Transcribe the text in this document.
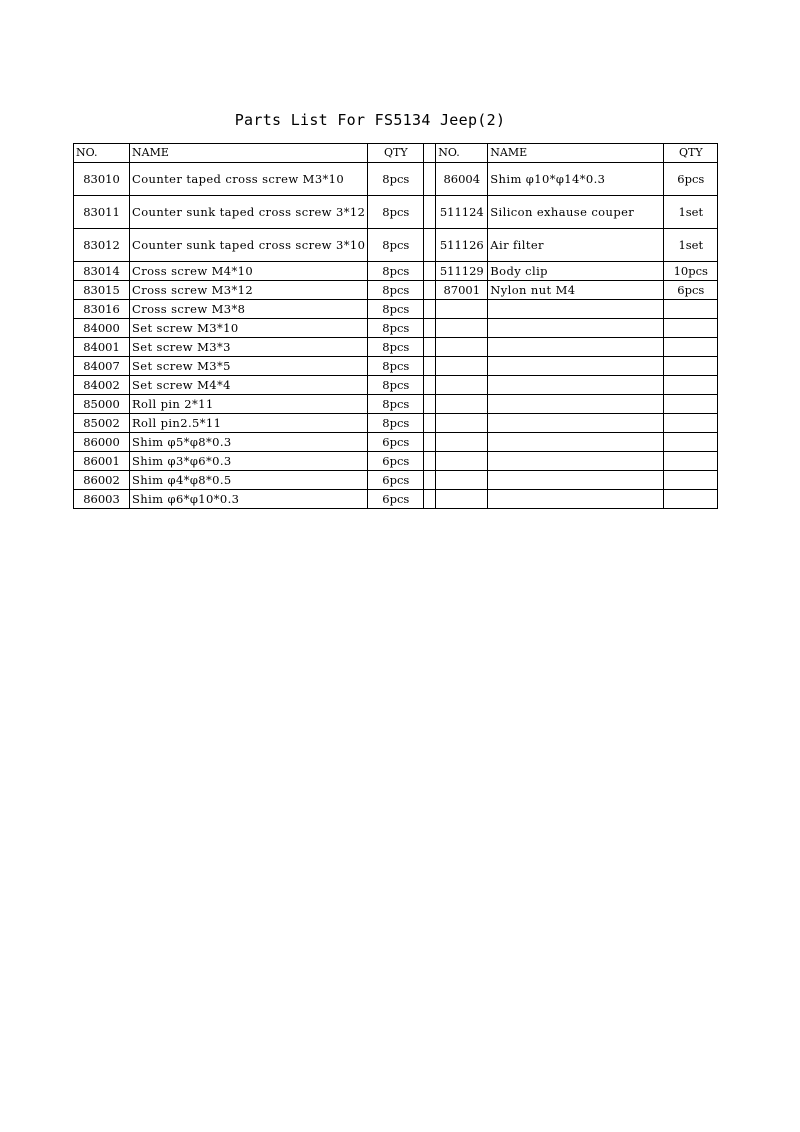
Parts List For FS5134 Jeep(2)
NO.	NAME	QTY		NO.	NAME	QTY
83010	Counter taped cross screw M3*10	8pcs		86004	Shim φ10*φ14*0.3	6pcs
83011	Counter sunk taped cross screw 3*12	8pcs		511124	Silicon exhause couper	1set
83012	Counter sunk taped cross screw 3*10	8pcs		511126	Air filter	1set
83014	Cross screw M4*10	8pcs		511129	Body clip	10pcs
83015	Cross screw M3*12	8pcs		87001	Nylon nut M4	6pcs
83016	Cross screw M3*8	8pcs				
84000	Set screw M3*10	8pcs				
84001	Set screw M3*3	8pcs				
84007	Set screw M3*5	8pcs				
84002	Set screw M4*4	8pcs				
85000	Roll pin 2*11	8pcs				
85002	Roll pin2.5*11	8pcs				
86000	Shim φ5*φ8*0.3	6pcs				
86001	Shim φ3*φ6*0.3	6pcs				
86002	Shim φ4*φ8*0.5	6pcs				
86003	Shim φ6*φ10*0.3	6pcs				
